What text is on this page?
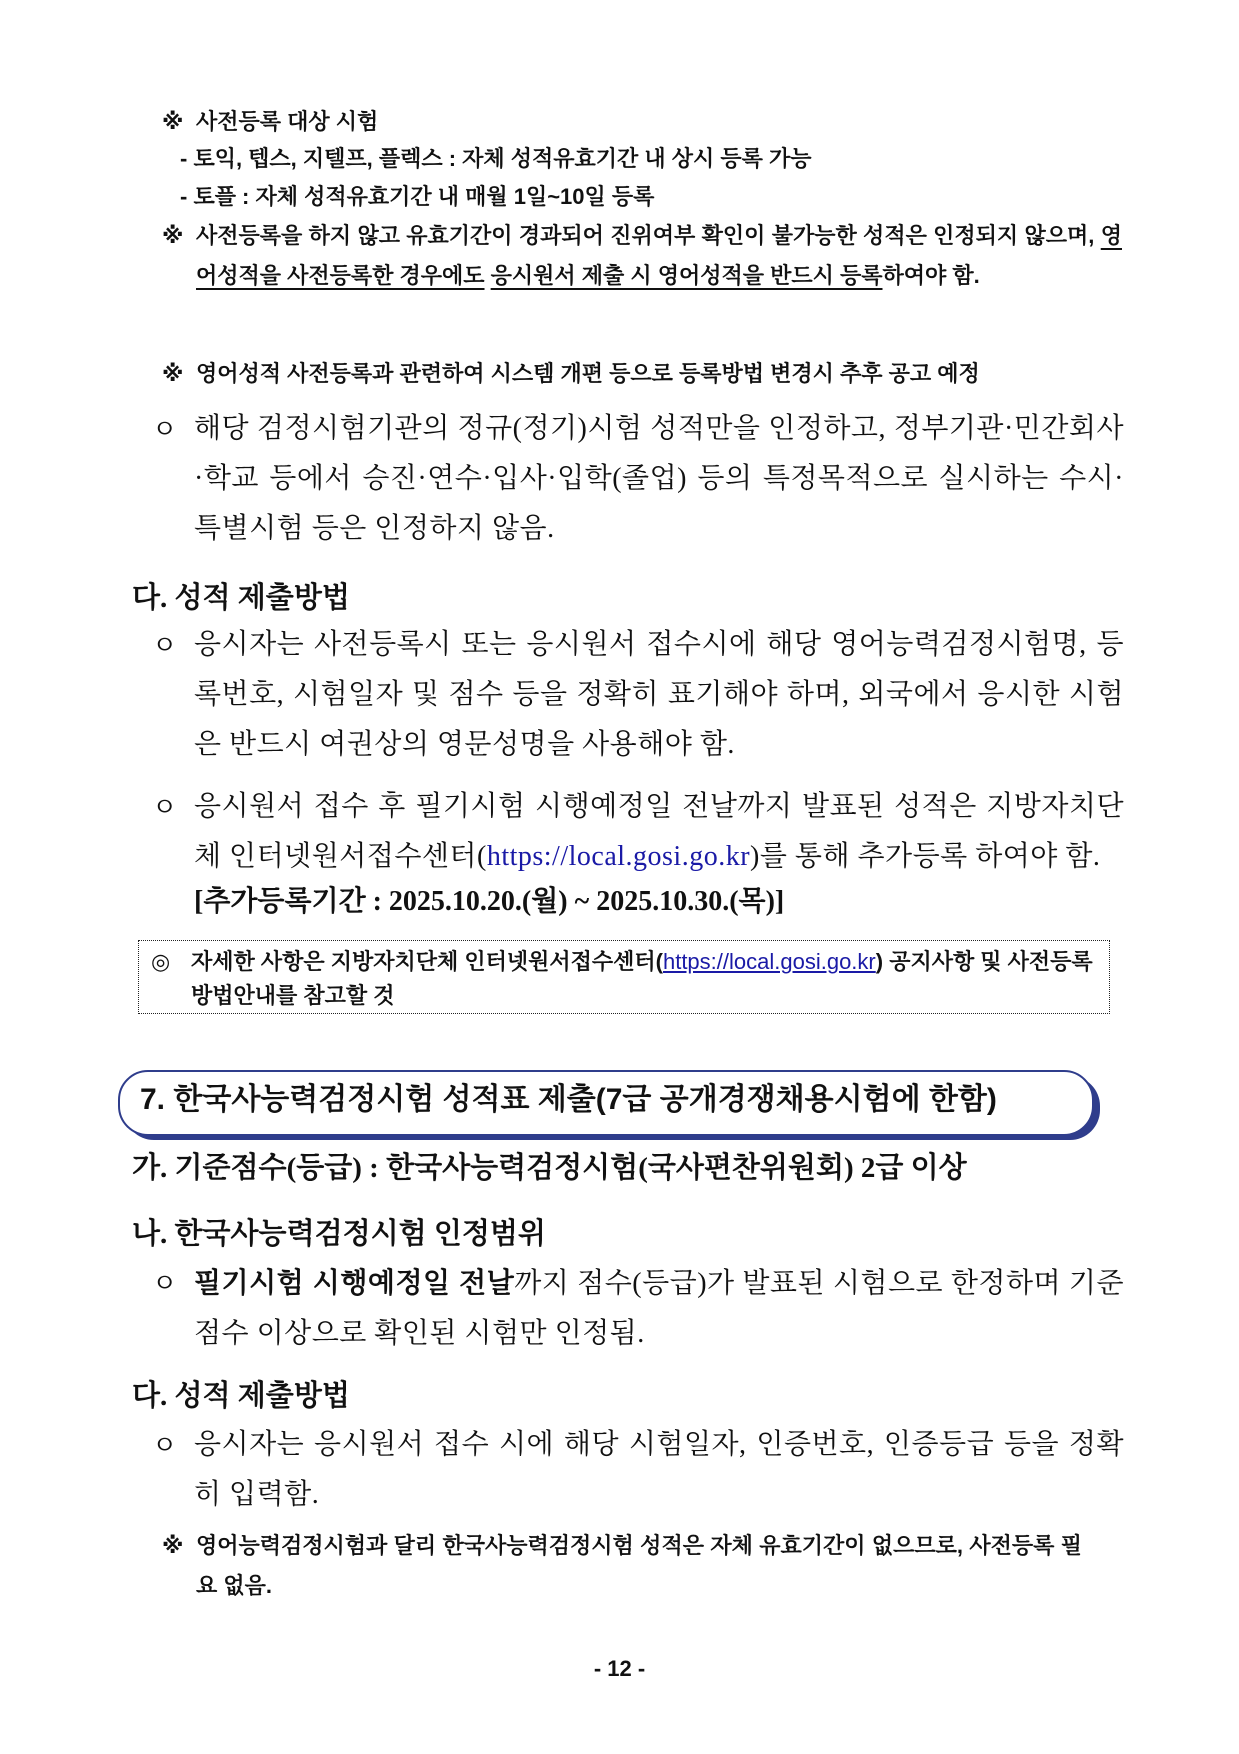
※ 사전등록 대상 시험
- 토익, 텝스, 지텔프, 플렉스 : 자체 성적유효기간 내 상시 등록 가능
- 토플 : 자체 성적유효기간 내 매월 1일~10일 등록
※ 사전등록을 하지 않고 유효기간이 경과되어 진위여부 확인이 불가능한 성적은 인정되지 않으며, 영어성적을 사전등록한 경우에도 응시원서 제출 시 영어성적을 반드시 등록하여야 함.
※ 영어성적 사전등록과 관련하여 시스템 개편 등으로 등록방법 변경시 추후 공고 예정
ㅇ 해당 검정시험기관의 정규(정기)시험 성적만을 인정하고, 정부기관·민간회사·학교 등에서 승진·연수·입사·입학(졸업) 등의 특정목적으로 실시하는 수시·특별시험 등은 인정하지 않음.
다. 성적 제출방법
ㅇ 응시자는 사전등록시 또는 응시원서 접수시에 해당 영어능력검정시험명, 등록번호, 시험일자 및 점수 등을 정확히 표기해야 하며, 외국에서 응시한 시험은 반드시 여권상의 영문성명을 사용해야 함.
ㅇ 응시원서 접수 후 필기시험 시행예정일 전날까지 발표된 성적은 지방자치단체 인터넷원서접수센터(https://local.gosi.go.kr)를 통해 추가등록 하여야 함.
[추가등록기간 : 2025.10.20.(월) ~ 2025.10.30.(목)]
◎ 자세한 사항은 지방자치단체 인터넷원서접수센터(https://local.gosi.go.kr) 공지사항 및 사전등록 방법안내를 참고할 것
7. 한국사능력검정시험 성적표 제출(7급 공개경쟁채용시험에 한함)
가. 기준점수(등급) : 한국사능력검정시험(국사편찬위원회) 2급 이상
나. 한국사능력검정시험 인정범위
ㅇ 필기시험 시행예정일 전날까지 점수(등급)가 발표된 시험으로 한정하며 기준점수 이상으로 확인된 시험만 인정됨.
다. 성적 제출방법
ㅇ 응시자는 응시원서 접수 시에 해당 시험일자, 인증번호, 인증등급 등을 정확히 입력함.
※ 영어능력검정시험과 달리 한국사능력검정시험 성적은 자체 유효기간이 없으므로, 사전등록 필요 없음.
- 12 -
